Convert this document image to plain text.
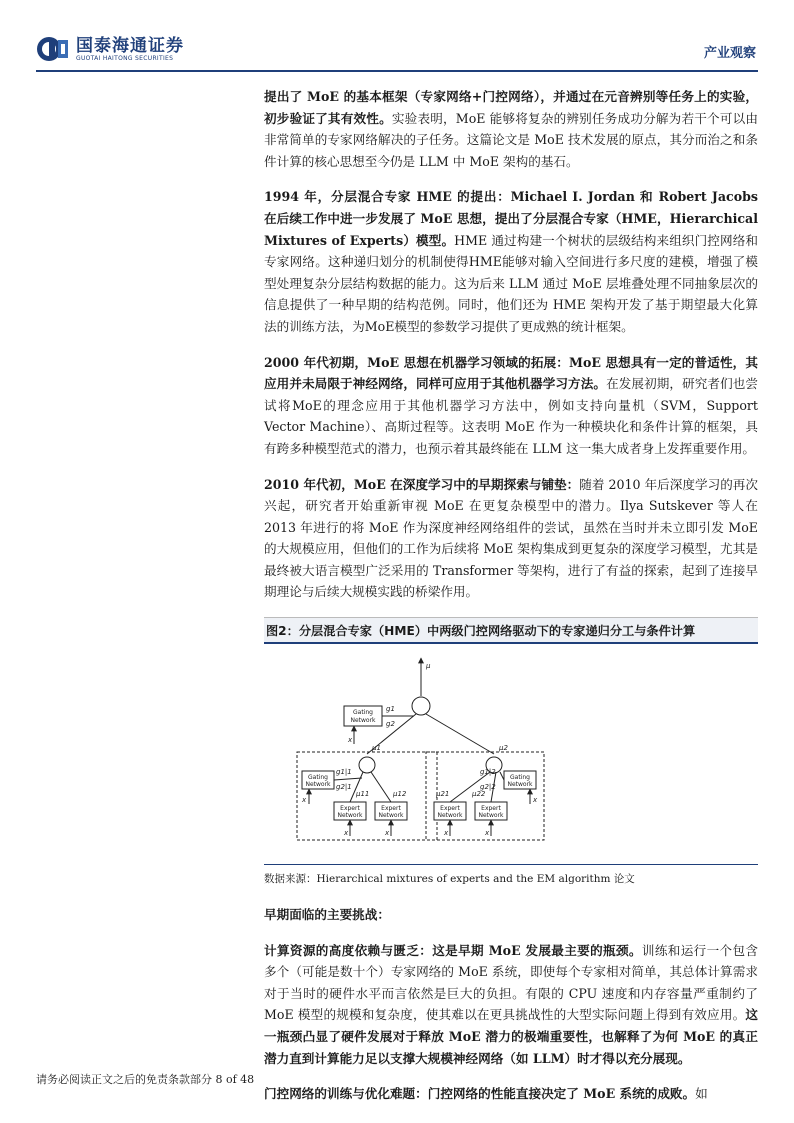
国泰海通证券
GUOTAI HAITONG SECURITIES	产业观察

提出了 MoE 的基本框架（专家网络+门控网络），并通过在元音辨别等任务上的实验，初步验证了其有效性。实验表明，MoE 能够将复杂的辨别任务成功分解为若干个可以由非常简单的专家网络解决的子任务。这篇论文是 MoE 技术发展的原点，其分而治之和条件计算的核心思想至今仍是 LLM 中 MoE 架构的基石。

1994 年，分层混合专家 HME 的提出：Michael I. Jordan 和 Robert Jacobs 在后续工作中进一步发展了 MoE 思想，提出了分层混合专家（HME，Hierarchical Mixtures of Experts）模型。HME 通过构建一个树状的层级结构来组织门控网络和专家网络。这种递归划分的机制使得HME能够对输入空间进行多尺度的建模，增强了模型处理复杂分层结构数据的能力。这为后来 LLM 通过 MoE 层堆叠处理不同抽象层次的信息提供了一种早期的结构范例。同时，他们还为 HME 架构开发了基于期望最大化算法的训练方法，为MoE模型的参数学习提供了更成熟的统计框架。

2000 年代初期，MoE 思想在机器学习领域的拓展：MoE 思想具有一定的普适性，其应用并未局限于神经网络，同样可应用于其他机器学习方法。在发展初期，研究者们也尝试将MoE的理念应用于其他机器学习方法中，例如支持向量机（SVM，Support Vector Machine）、高斯过程等。这表明 MoE 作为一种模块化和条件计算的框架，具有跨多种模型范式的潜力，也预示着其最终能在 LLM 这一集大成者身上发挥重要作用。

2010 年代初，MoE 在深度学习中的早期探索与铺垫：随着 2010 年后深度学习的再次兴起，研究者开始重新审视 MoE 在更复杂模型中的潜力。Ilya Sutskever 等人在 2013 年进行的将 MoE 作为深度神经网络组件的尝试，虽然在当时并未立即引发 MoE 的大规模应用，但他们的工作为后续将 MoE 架构集成到更复杂的深度学习模型，尤其是最终被大语言模型广泛采用的 Transformer 等架构，进行了有益的探索，起到了连接早期理论与后续大规模实践的桥梁作用。

图2：分层混合专家（HME）中两级门控网络驱动下的专家递归分工与条件计算
Gating
Network
Gating
Network
Gating
Network
Expert
Network
Expert
Network
Expert
Network
Expert
Network
μ
g1
g2
x
μ1	μ2
g1|1
g2|1
g1|2
g2|2
μ11	μ12	μ21	μ22
x	x
x	x	x	x
数据来源：Hierarchical mixtures of experts and the EM algorithm 论文

早期面临的主要挑战：

计算资源的高度依赖与匮乏：这是早期 MoE 发展最主要的瓶颈。训练和运行一个包含多个（可能是数十个）专家网络的 MoE 系统，即使每个专家相对简单，其总体计算需求对于当时的硬件水平而言依然是巨大的负担。有限的 CPU 速度和内存容量严重制约了 MoE 模型的规模和复杂度，使其难以在更具挑战性的大型实际问题上得到有效应用。这一瓶颈凸显了硬件发展对于释放 MoE 潜力的极端重要性，也解释了为何 MoE 的真正潜力直到计算能力足以支撑大规模神经网络（如 LLM）时才得以充分展现。

门控网络的训练与优化难题：门控网络的性能直接决定了 MoE 系统的成败。如

请务必阅读正文之后的免责条款部分 8 of 48
